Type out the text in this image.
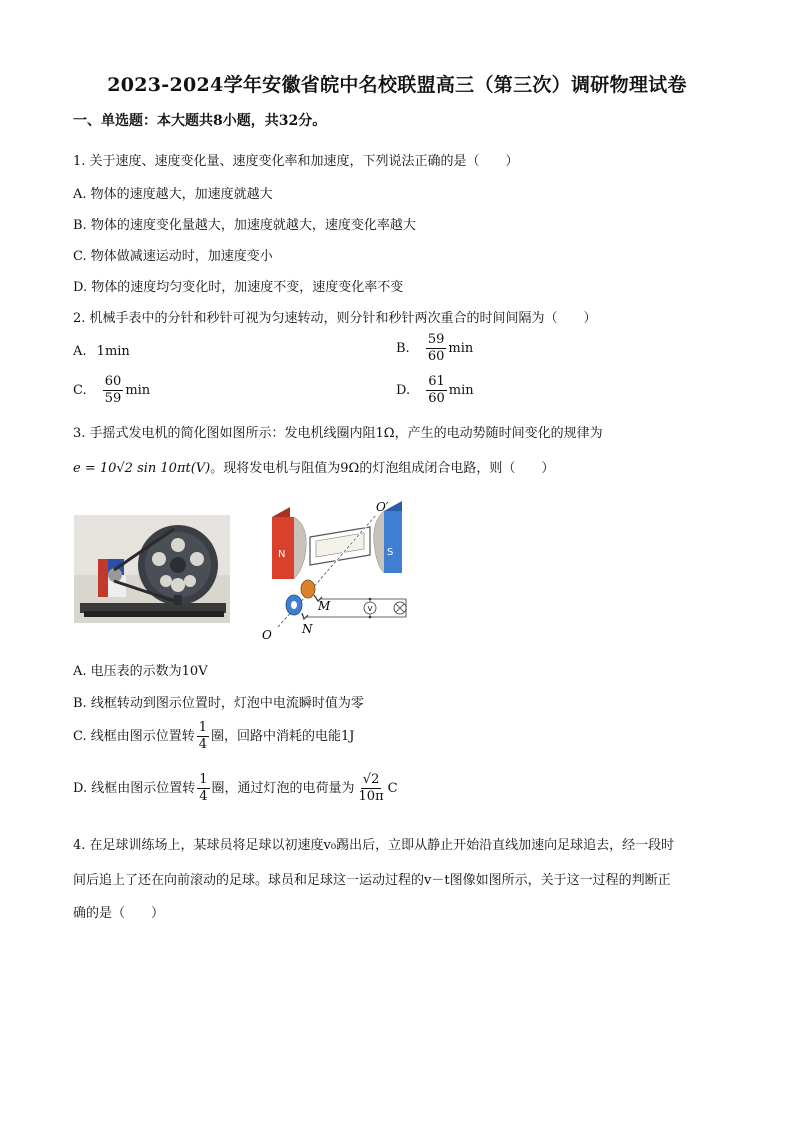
2023-2024学年安徽省皖中名校联盟高三（第三次）调研物理试卷
一、单选题：本大题共8小题，共32分。
1. 关于速度、速度变化量、速度变化率和加速度，下列说法正确的是（　　）
A. 物体的速度越大，加速度就越大
B. 物体的速度变化量越大，加速度就越大，速度变化率越大
C. 物体做减速运动时，加速度变小
D. 物体的速度均匀变化时，加速度不变，速度变化率不变
2. 机械手表中的分针和秒针可视为匀速转动，则分针和秒针两次重合的时间间隔为（　　）
A. 1min	B. $\frac{59}{60}$ min
C. $\frac{60}{59}$ min	D. $\frac{61}{60}$ min
3. 手摇式发电机的简化图如图所示：发电机线圈内阻1Ω，产生的电动势随时间变化的规律为
e = 10√2 sin 10πt(V)。现将发电机与阻值为9Ω的灯泡组成闭合电路，则（　　）
V
N	S
O′
M
N
O
A. 电压表的示数为10V
B. 线框转动到图示位置时，灯泡中电流瞬时值为零
C. 线框由图示位置转 $\frac{1}{4}$ 圈，回路中消耗的电能1J
D. 线框由图示位置转 $\frac{1}{4}$ 圈，通过灯泡的电荷量为 $\frac{√2}{10\pi}$ C
4. 在足球训练场上，某球员将足球以初速度v₀踢出后，立即从静止开始沿直线加速向足球追去，经一段时
间后追上了还在向前滚动的足球。球员和足球这一运动过程的v－t图像如图所示，关于这一过程的判断正
确的是（　　）
